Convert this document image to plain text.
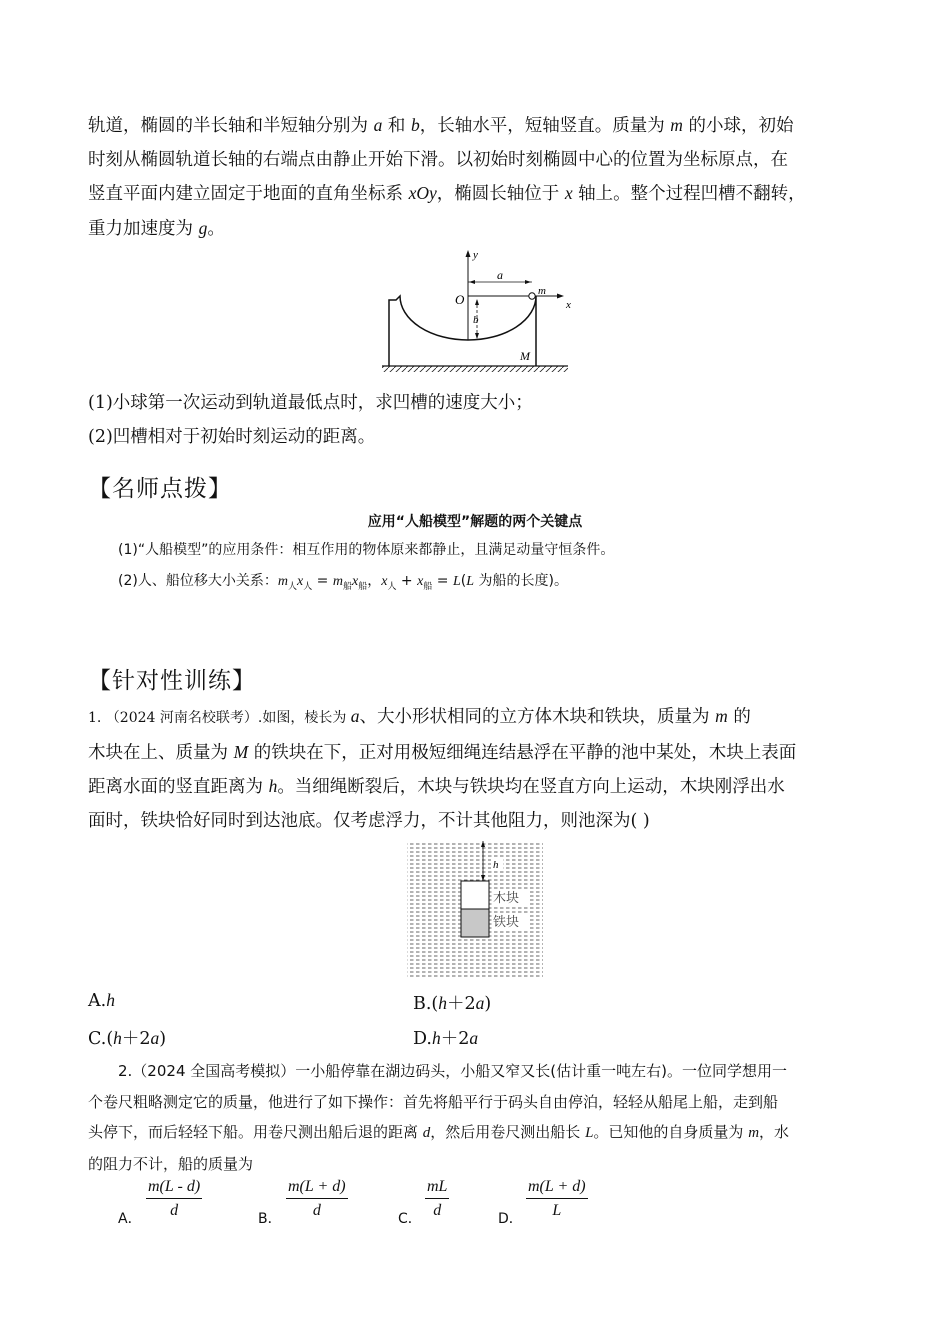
轨道，椭圆的半长轴和半短轴分别为 a 和 b，长轴水平，短轴竖直。质量为 m 的小球，初始
时刻从椭圆轨道长轴的右端点由静止开始下滑。以初始时刻椭圆中心的位置为坐标原点，在
竖直平面内建立固定于地面的直角坐标系 xOy，椭圆长轴位于 x 轴上。整个过程凹槽不翻转，
重力加速度为 g。
y
x
O
a
b
m
M
(1)小球第一次运动到轨道最低点时，求凹槽的速度大小；
(2)凹槽相对于初始时刻运动的距离。
【名师点拨】
应用“人船模型”解题的两个关键点
(1)“人船模型”的应用条件：相互作用的物体原来都静止，且满足动量守恒条件。
(2)人、船位移大小关系：$m_人x_人 = m_船x_船$，$x_人 + x_船 = L(L$ 为船的长度)。
【针对性训练】
1. （2024 河南名校联考）.如图，棱长为 a、大小形状相同的立方体木块和铁块，质量为 m 的
木块在上、质量为 M 的铁块在下，正对用极短细绳连结悬浮在平静的池中某处，木块上表面
距离水面的竖直距离为 h。当细绳断裂后，木块与铁块均在竖直方向上运动，木块刚浮出水
面时，铁块恰好同时到达池底。仅考虑浮力，不计其他阻力，则池深为( )
h
木块
铁块
A.h	B.(h＋2a)
C.(h＋2a)	D.h＋2a
2.（2024 全国高考模拟）一小船停靠在湖边码头，小船又窄又长(估计重一吨左右)。一位同学想用一
个卷尺粗略测定它的质量，他进行了如下操作：首先将船平行于码头自由停泊，轻轻从船尾上船，走到船
头停下，而后轻轻下船。用卷尺测出船后退的距离 d，然后用卷尺测出船长 L。已知他的自身质量为 m，水
的阻力不计，船的质量为
A． $\frac{m(L - d)}{d}$	B． $\frac{m(L + d)}{d}$	C． $\frac{mL}{d}$	D． $\frac{m(L + d)}{L}$
